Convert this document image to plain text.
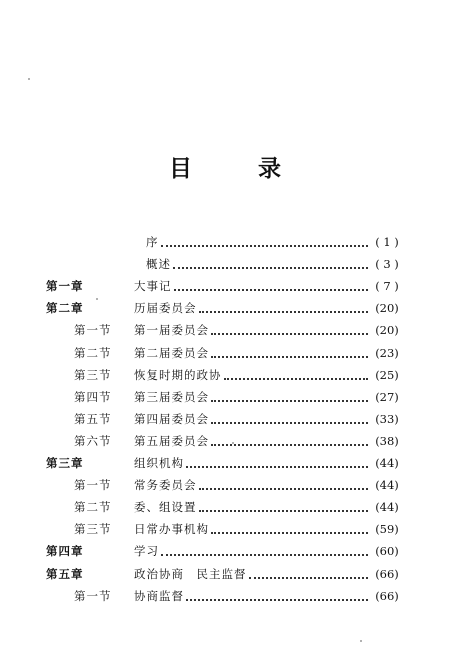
目	录
序	( 1 )
概述	( 3 )
第一章	大事记	( 7 )
第二章	历届委员会	(20)
第一节 第一届委员会	(20)
第二节 第二届委员会	(23)
第三节 恢复时期的政协	(25)
第四节 第三届委员会	(27)
第五节 第四届委员会	(33)
第六节 第五届委员会	(38)
第三章	组织机构	(44)
第一节 常务委员会	(44)
第二节 委、组设置	(44)
第三节 日常办事机构	(59)
第四章	学习	(60)
第五章	政治协商　民主监督	(66)
第一节 协商监督	(66)
